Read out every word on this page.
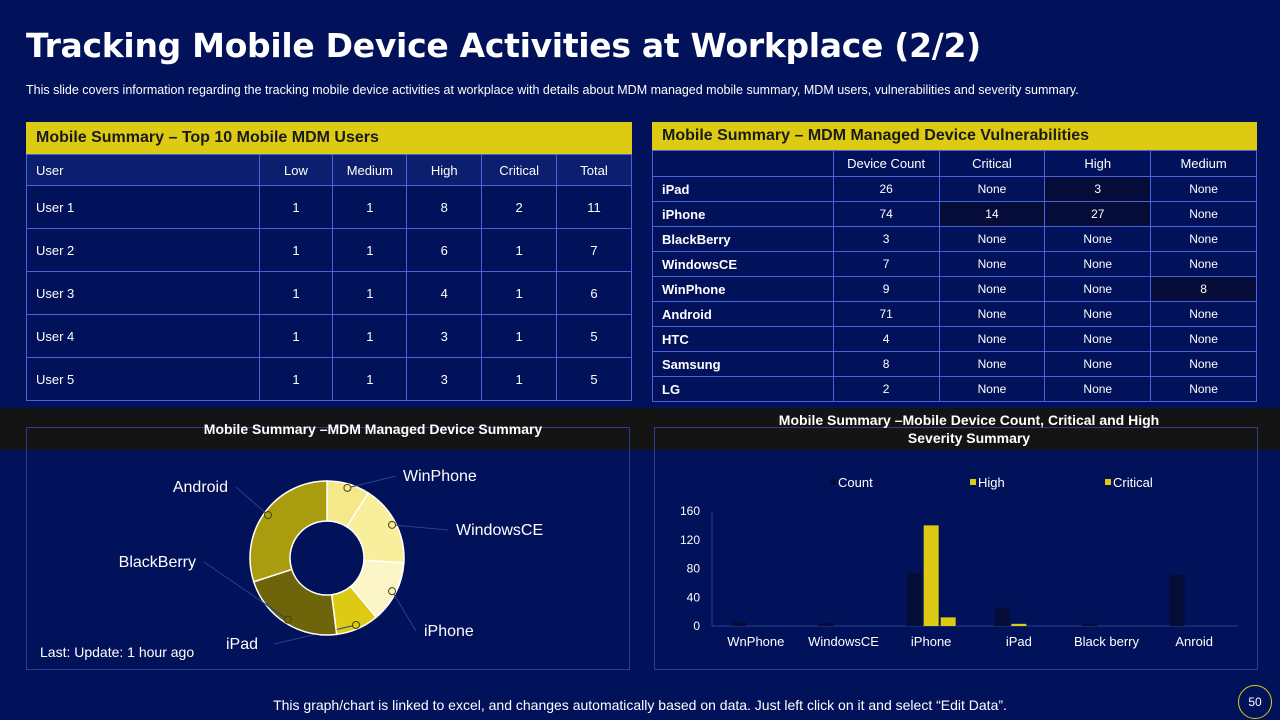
Tracking Mobile Device Activities at Workplace (2/2)
This slide covers information regarding the tracking mobile device activities at workplace with details about MDM managed mobile summary, MDM users, vulnerabilities and severity summary.
Mobile Summary – Top 10 Mobile MDM Users
User	Low	Medium	High	Critical	Total
User 1	1	1	8	2	11
User 2	1	1	6	1	7
User 3	1	1	4	1	6
User 4	1	1	3	1	5
User 5	1	1	3	1	5
Mobile Summary – MDM Managed Device Vulnerabilities
	Device Count	Critical	High	Medium
iPad	26	None	3	None
iPhone	74	14	27	None
BlackBerry	3	None	None	None
WindowsCE	7	None	None	None
WinPhone	9	None	None	8
Android	71	None	None	None
HTC	4	None	None	None
Samsung	8	None	None	None
LG	2	None	None	None
Mobile Summary –MDM Managed Device Summary
Mobile Summary –Mobile Device Count, Critical and High
Severity Summary
WinPhone
WindowsCE
iPhone
iPad
BlackBerry
Android
0
40
80
120
160
WnPhone WindowsCE iPhone	iPad	Black berry	Anroid
Count	High	Critical
Last: Update: 1 hour ago
This graph/chart is linked to excel, and changes automatically based on data. Just left click on it and select “Edit Data”.	50
